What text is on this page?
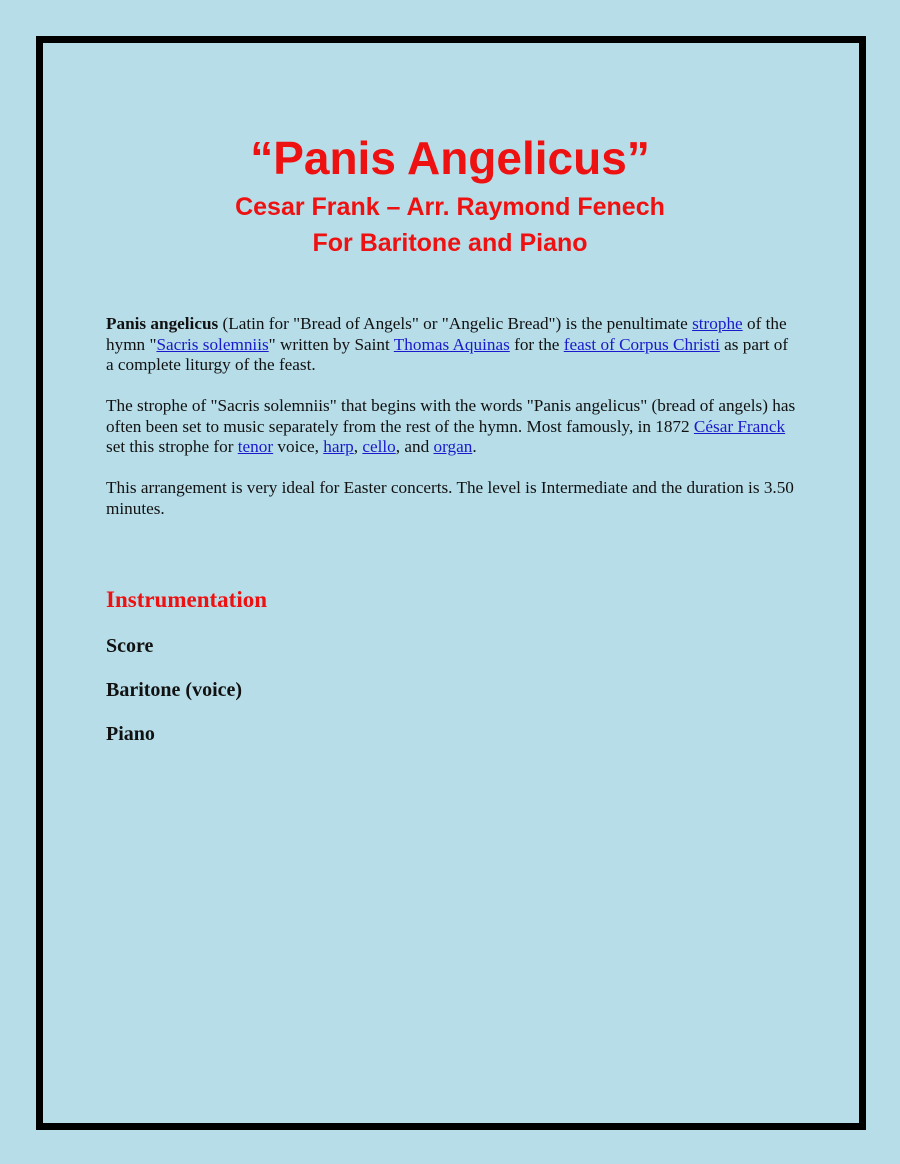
“Panis Angelicus”
Cesar Frank – Arr. Raymond Fenech
For Baritone and Piano

Panis angelicus (Latin for "Bread of Angels" or "Angelic Bread") is the penultimate strophe of the hymn "Sacris solemniis" written by Saint Thomas Aquinas for the feast of Corpus Christi as part of a complete liturgy of the feast.

The strophe of "Sacris solemniis" that begins with the words "Panis angelicus" (bread of angels) has often been set to music separately from the rest of the hymn. Most famously, in 1872 César Franck set this strophe for tenor voice, harp, cello, and organ.

This arrangement is very ideal for Easter concerts. The level is Intermediate and the duration is 3.50 minutes.

Instrumentation

Score

Baritone (voice)

Piano
